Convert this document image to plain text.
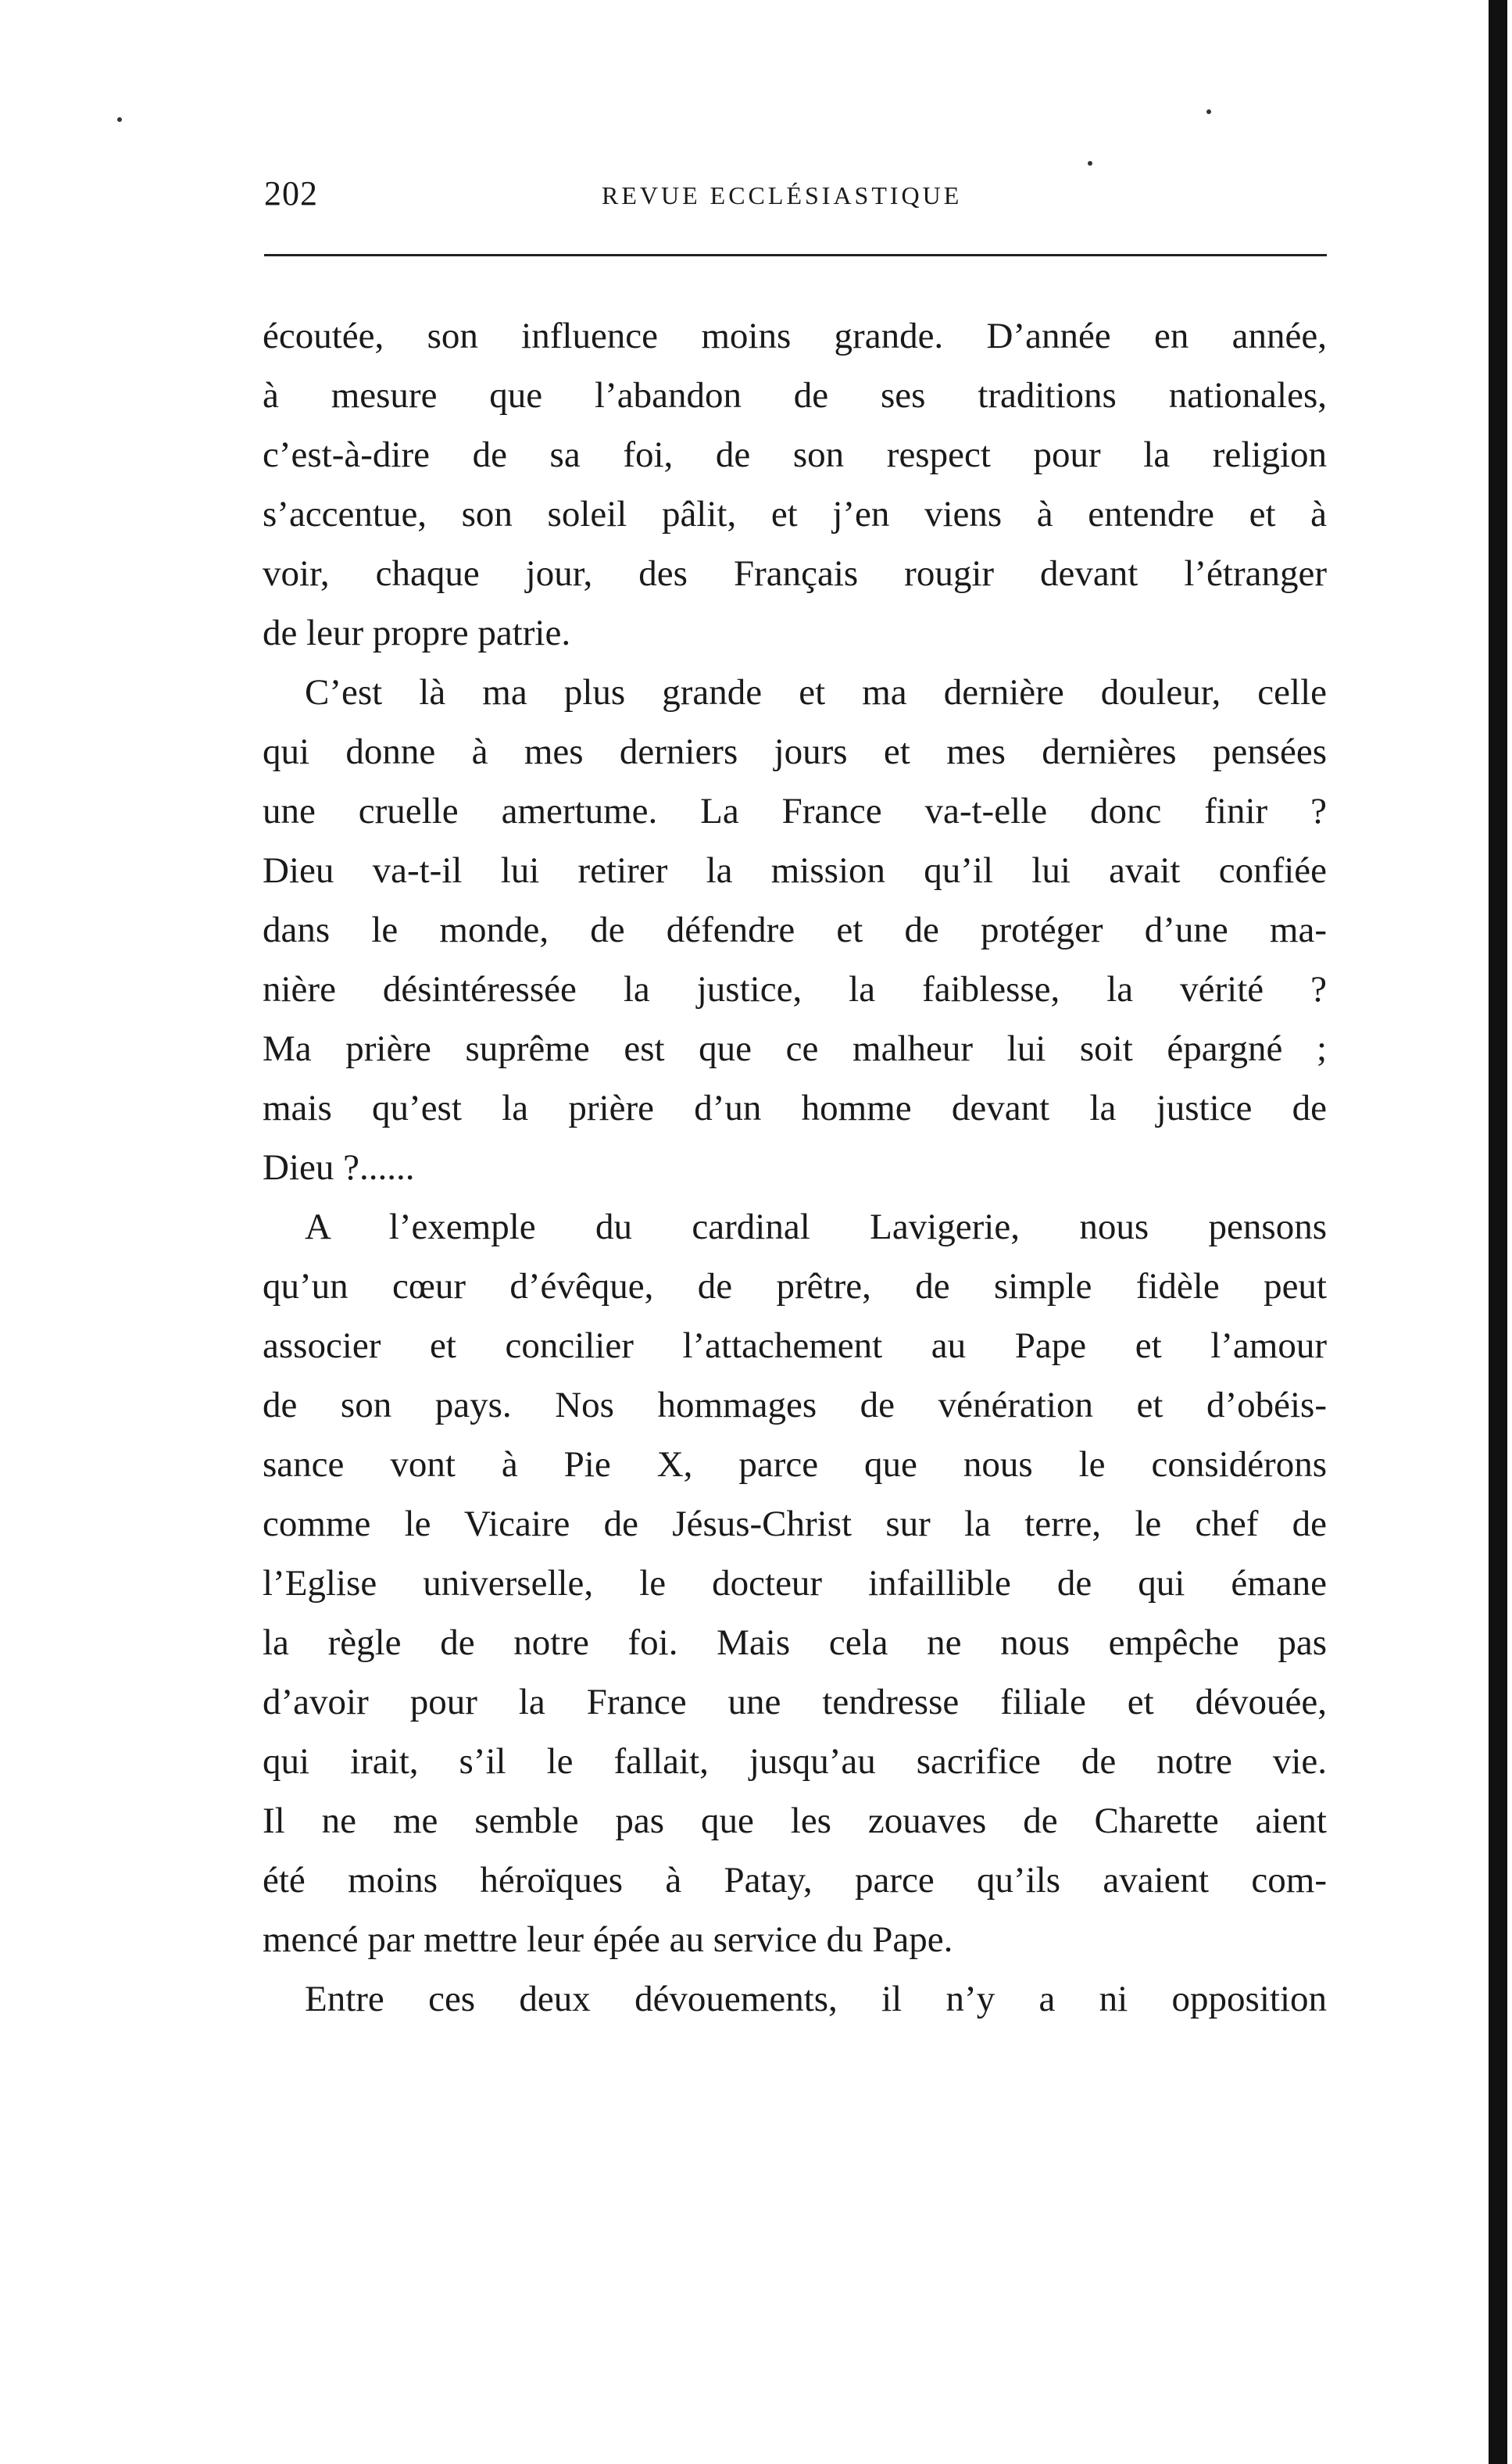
202	REVUE ECCLÉSIASTIQUE
écoutée, son influence moins grande. D’année en année,
à mesure que l’abandon de ses traditions nationales,
c’est-à-dire de sa foi, de son respect pour la religion
s’accentue, son soleil pâlit, et j’en viens à entendre et à
voir, chaque jour, des Français rougir devant l’étranger
de leur propre patrie.
C’est là ma plus grande et ma dernière douleur, celle
qui donne à mes derniers jours et mes dernières pensées
une cruelle amertume. La France va-t-elle donc finir ?
Dieu va-t-il lui retirer la mission qu’il lui avait confiée
dans le monde, de défendre et de protéger d’une ma-
nière désintéressée la justice, la faiblesse, la vérité ?
Ma prière suprême est que ce malheur lui soit épargné ;
mais qu’est la prière d’un homme devant la justice de
Dieu ?......
A l’exemple du cardinal Lavigerie, nous pensons
qu’un cœur d’évêque, de prêtre, de simple fidèle peut
associer et concilier l’attachement au Pape et l’amour
de son pays. Nos hommages de vénération et d’obéis-
sance vont à Pie X, parce que nous le considérons
comme le Vicaire de Jésus-Christ sur la terre, le chef de
l’Eglise universelle, le docteur infaillible de qui émane
la règle de notre foi. Mais cela ne nous empêche pas
d’avoir pour la France une tendresse filiale et dévouée,
qui irait, s’il le fallait, jusqu’au sacrifice de notre vie.
Il ne me semble pas que les zouaves de Charette aient
été moins héroïques à Patay, parce qu’ils avaient com-
mencé par mettre leur épée au service du Pape.
Entre ces deux dévouements, il n’y a ni opposition
